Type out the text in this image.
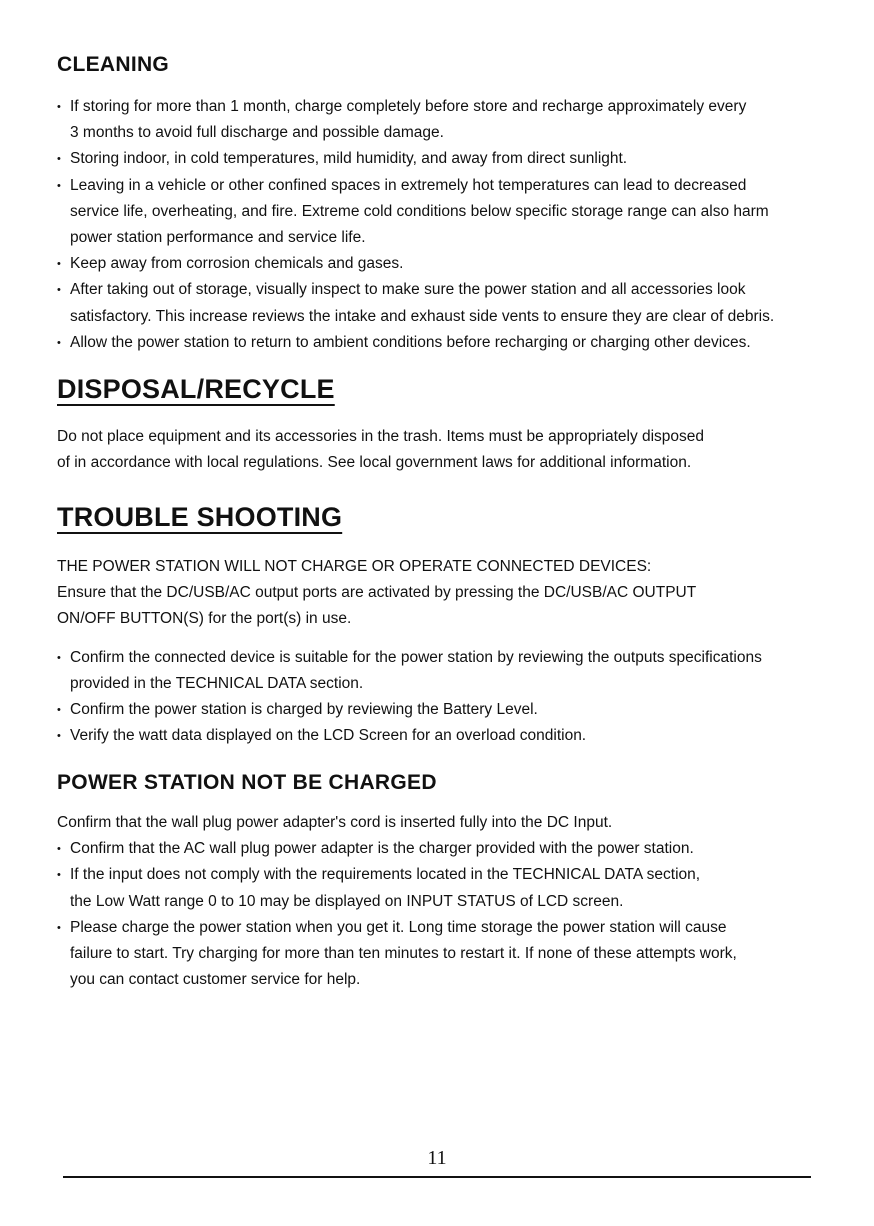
CLEANING
• If storing for more than 1 month, charge completely before store and recharge approximately every
3 months to avoid full discharge and possible damage.
• Storing indoor, in cold temperatures, mild humidity, and away from direct sunlight.
• Leaving in a vehicle or other confined spaces in extremely hot temperatures can lead to decreased
service life, overheating, and fire. Extreme cold conditions below specific storage range can also harm
power station performance and service life.
• Keep away from corrosion chemicals and gases.
• After taking out of storage, visually inspect to make sure the power station and all accessories look
satisfactory. This increase reviews the intake and exhaust side vents to ensure they are clear of debris.
• Allow the power station to return to ambient conditions before recharging or charging other devices.
DISPOSAL/RECYCLE

Do not place equipment and its accessories in the trash. Items must be appropriately disposed

of in accordance with local regulations. See local government laws for additional information.

TROUBLE SHOOTING

THE POWER STATION WILL NOT CHARGE OR OPERATE CONNECTED DEVICES:

Ensure that the DC/USB/AC output ports are activated by pressing the DC/USB/AC OUTPUT

ON/OFF BUTTON(S) for the port(s) in use.

• Confirm the connected device is suitable for the power station by reviewing the outputs specifications
provided in the TECHNICAL DATA section.
• Confirm the power station is charged by reviewing the Battery Level.
• Verify the watt data displayed on the LCD Screen for an overload condition.
POWER STATION NOT BE CHARGED

Confirm that the wall plug power adapter's cord is inserted fully into the DC Input.

• Confirm that the AC wall plug power adapter is the charger provided with the power station.
• If the input does not comply with the requirements located in the TECHNICAL DATA section,
the Low Watt range 0 to 10 may be displayed on INPUT STATUS of LCD screen.
• Please charge the power station when you get it. Long time storage the power station will cause
failure to start. Try charging for more than ten minutes to restart it. If none of these attempts work,
you can contact customer service for help.
11
